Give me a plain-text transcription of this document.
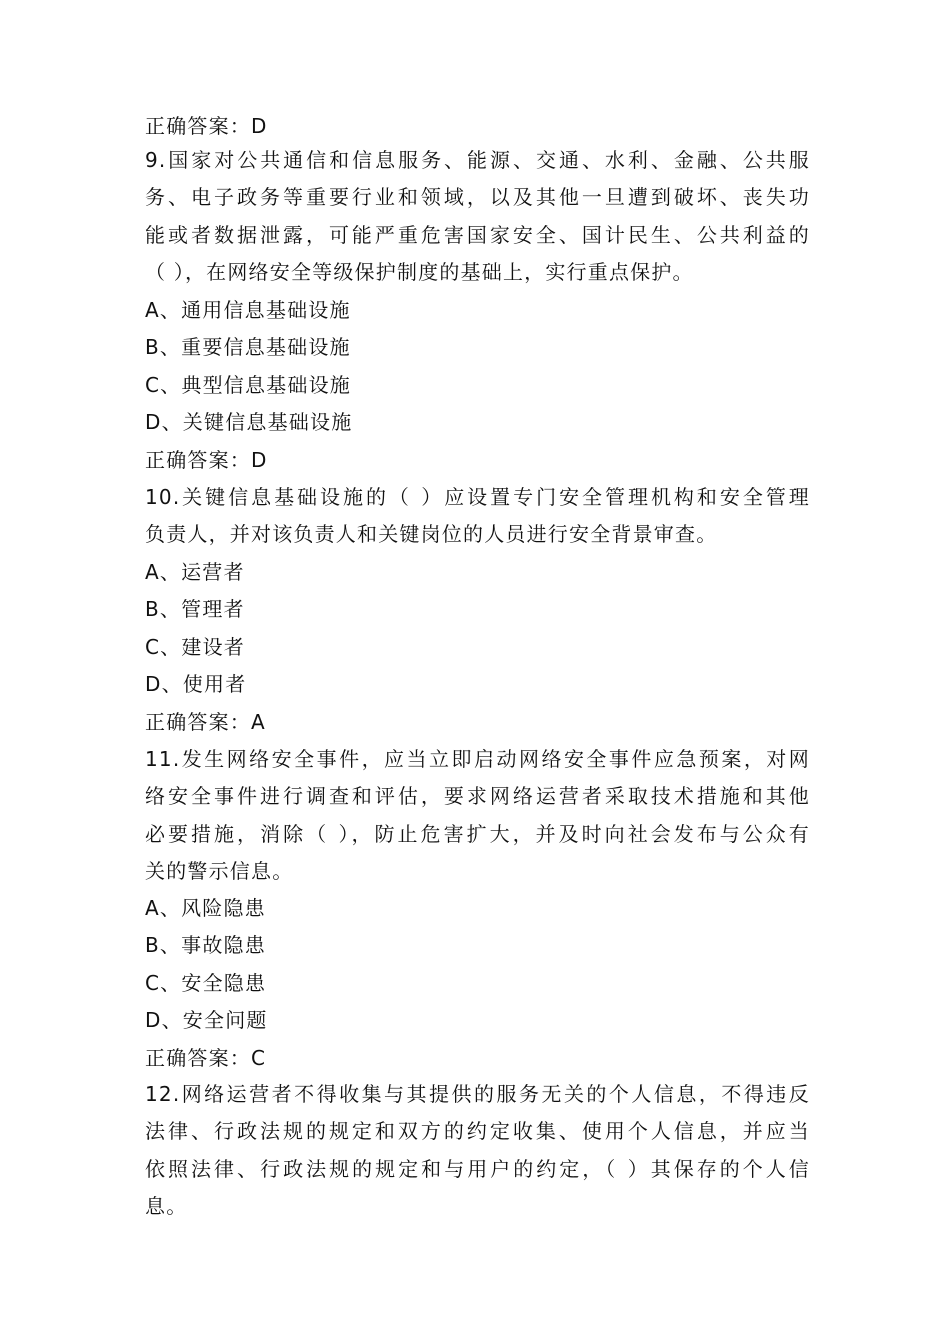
正确答案：D
9.国家对公共通信和信息服务、能源、交通、水利、金融、公共服
务、电子政务等重要行业和领域，以及其他一旦遭到破坏、丧失功
能或者数据泄露，可能严重危害国家安全、国计民生、公共利益的
（ ），在网络安全等级保护制度的基础上，实行重点保护。
A、通用信息基础设施
B、重要信息基础设施
C、典型信息基础设施
D、关键信息基础设施
正确答案：D
10.关键信息基础设施的（ ）应设置专门安全管理机构和安全管理
负责人，并对该负责人和关键岗位的人员进行安全背景审查。
A、运营者
B、管理者
C、建设者
D、使用者
正确答案：A
11.发生网络安全事件，应当立即启动网络安全事件应急预案，对网
络安全事件进行调查和评估，要求网络运营者采取技术措施和其他
必要措施，消除（ ），防止危害扩大，并及时向社会发布与公众有
关的警示信息。
A、风险隐患
B、事故隐患
C、安全隐患
D、安全问题
正确答案：C
12.网络运营者不得收集与其提供的服务无关的个人信息，不得违反
法律、行政法规的规定和双方的约定收集、使用个人信息，并应当
依照法律、行政法规的规定和与用户的约定，（ ）其保存的个人信
息。
